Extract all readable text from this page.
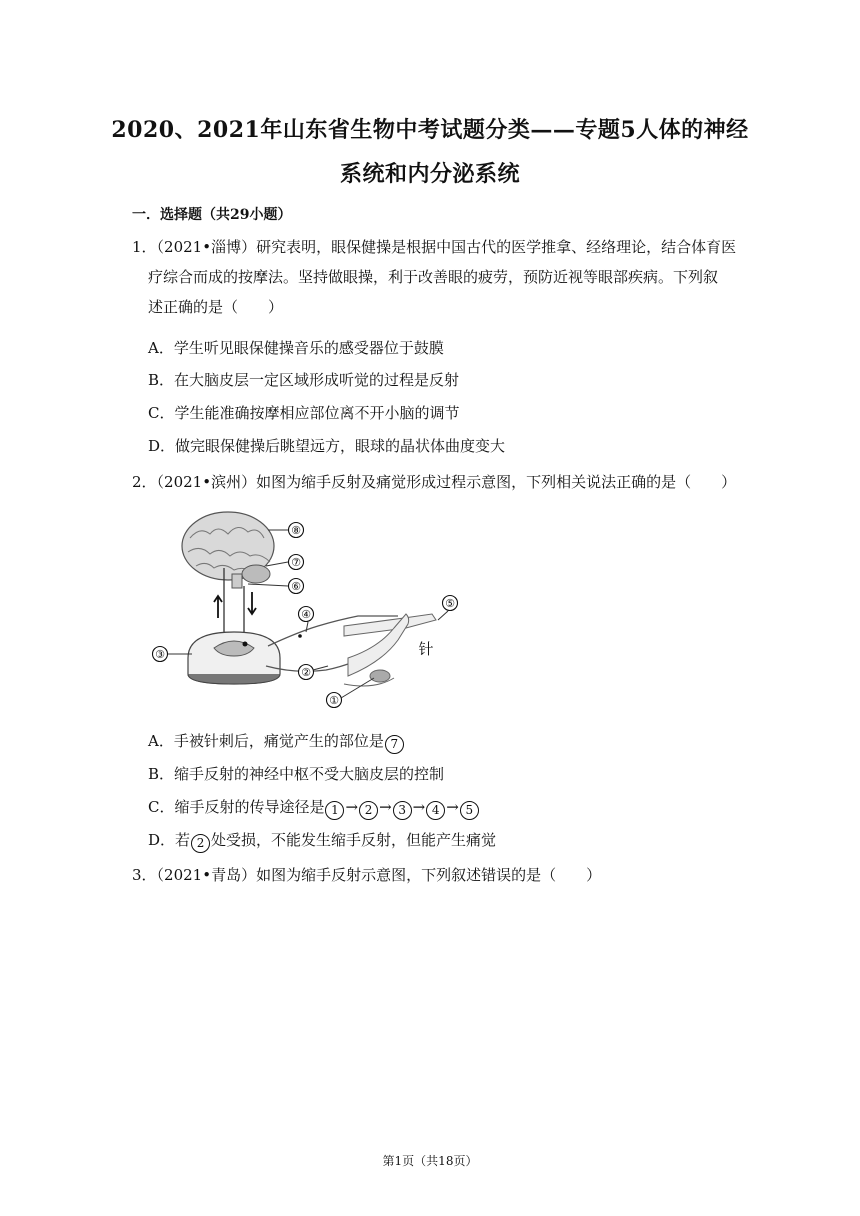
2020、2021年山东省生物中考试题分类——专题5人体的神经
系统和内分泌系统
一．选择题（共29小题）
1．（2021•淄博）研究表明，眼保健操是根据中国古代的医学推拿、经络理论，结合体育医
疗综合而成的按摩法。坚持做眼操，利于改善眼的疲劳，预防近视等眼部疾病。下列叙
述正确的是（　　）
A．学生听见眼保健操音乐的感受器位于鼓膜
B．在大脑皮层一定区域形成听觉的过程是反射
C．学生能准确按摩相应部位离不开小脑的调节
D．做完眼保健操后眺望远方，眼球的晶状体曲度变大
2．（2021•滨州）如图为缩手反射及痛觉形成过程示意图，下列相关说法正确的是（　　）
⑧
⑦
⑥
④
⑤
③
②
①
针
A．手被针刺后，痛觉产生的部位是 7
B．缩手反射的神经中枢不受大脑皮层的控制
C．缩手反射的传导途径是 1 → 2 → 3 → 4 → 5
D．若 2 处受损，不能发生缩手反射，但能产生痛觉
3．（2021•青岛）如图为缩手反射示意图，下列叙述错误的是（　　）
第1页（共18页）
